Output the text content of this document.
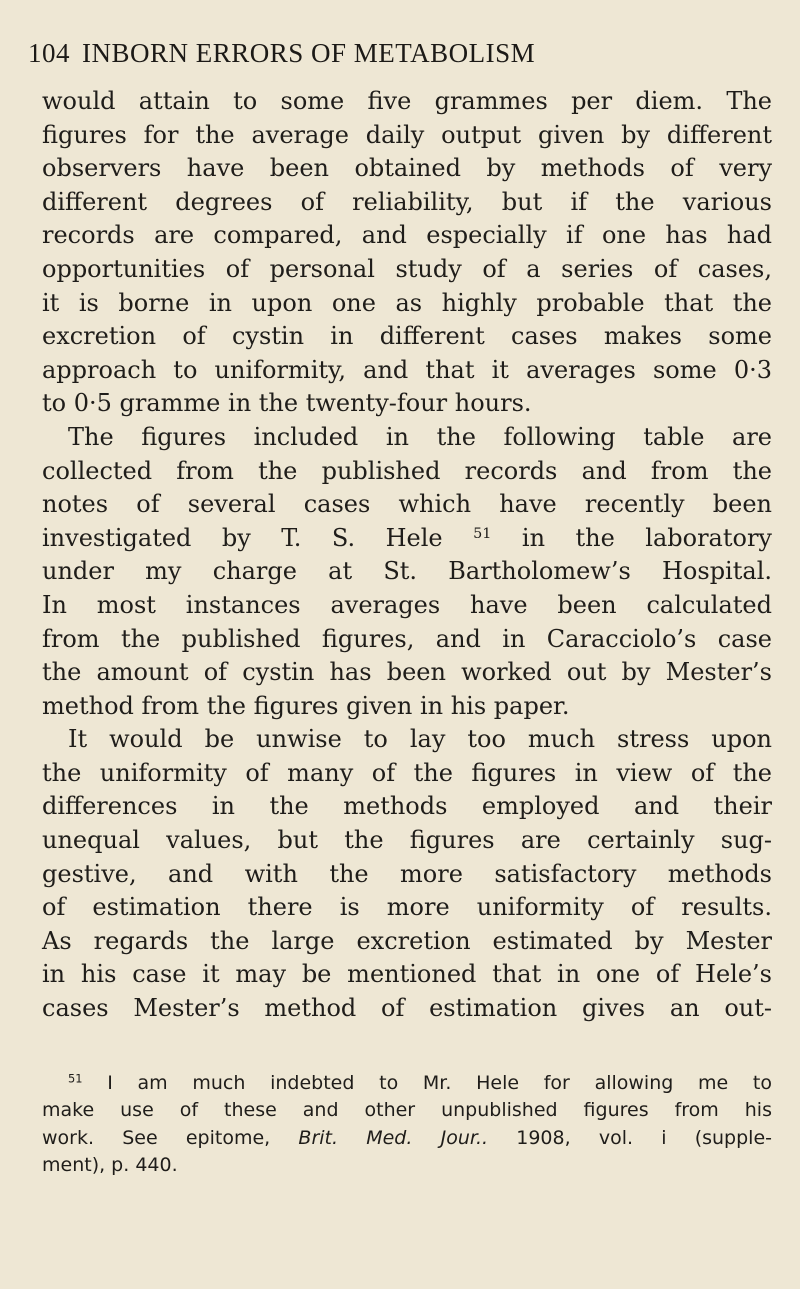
104 INBORN ERRORS OF METABOLISM

would attain to some five grammes per diem. The
figures for the average daily output given by different
observers have been obtained by methods of very
different degrees of reliability, but if the various
records are compared, and especially if one has had
opportunities of personal study of a series of cases,
it is borne in upon one as highly probable that the
excretion of cystin in different cases makes some
approach to uniformity, and that it averages some 0·3
to 0·5 gramme in the twenty-four hours.

The figures included in the following table are
collected from the published records and from the
notes of several cases which have recently been
investigated by T. S. Hele $^{51}$ in the laboratory
under my charge at St. Bartholomew’s Hospital.
In most instances averages have been calculated
from the published figures, and in Caracciolo’s case
the amount of cystin has been worked out by Mester’s
method from the figures given in his paper.

It would be unwise to lay too much stress upon
the uniformity of many of the figures in view of the
differences in the methods employed and their
unequal values, but the figures are certainly sug-
gestive, and with the more satisfactory methods
of estimation there is more uniformity of results.
As regards the large excretion estimated by Mester
in his case it may be mentioned that in one of Hele’s
cases Mester’s method of estimation gives an out-

$^{51}$ I am much indebted to Mr. Hele for allowing me to
make use of these and other unpublished figures from his
work. See epitome, Brit. Med. Jour.. 1908, vol. i (supple-
ment), p. 440.
